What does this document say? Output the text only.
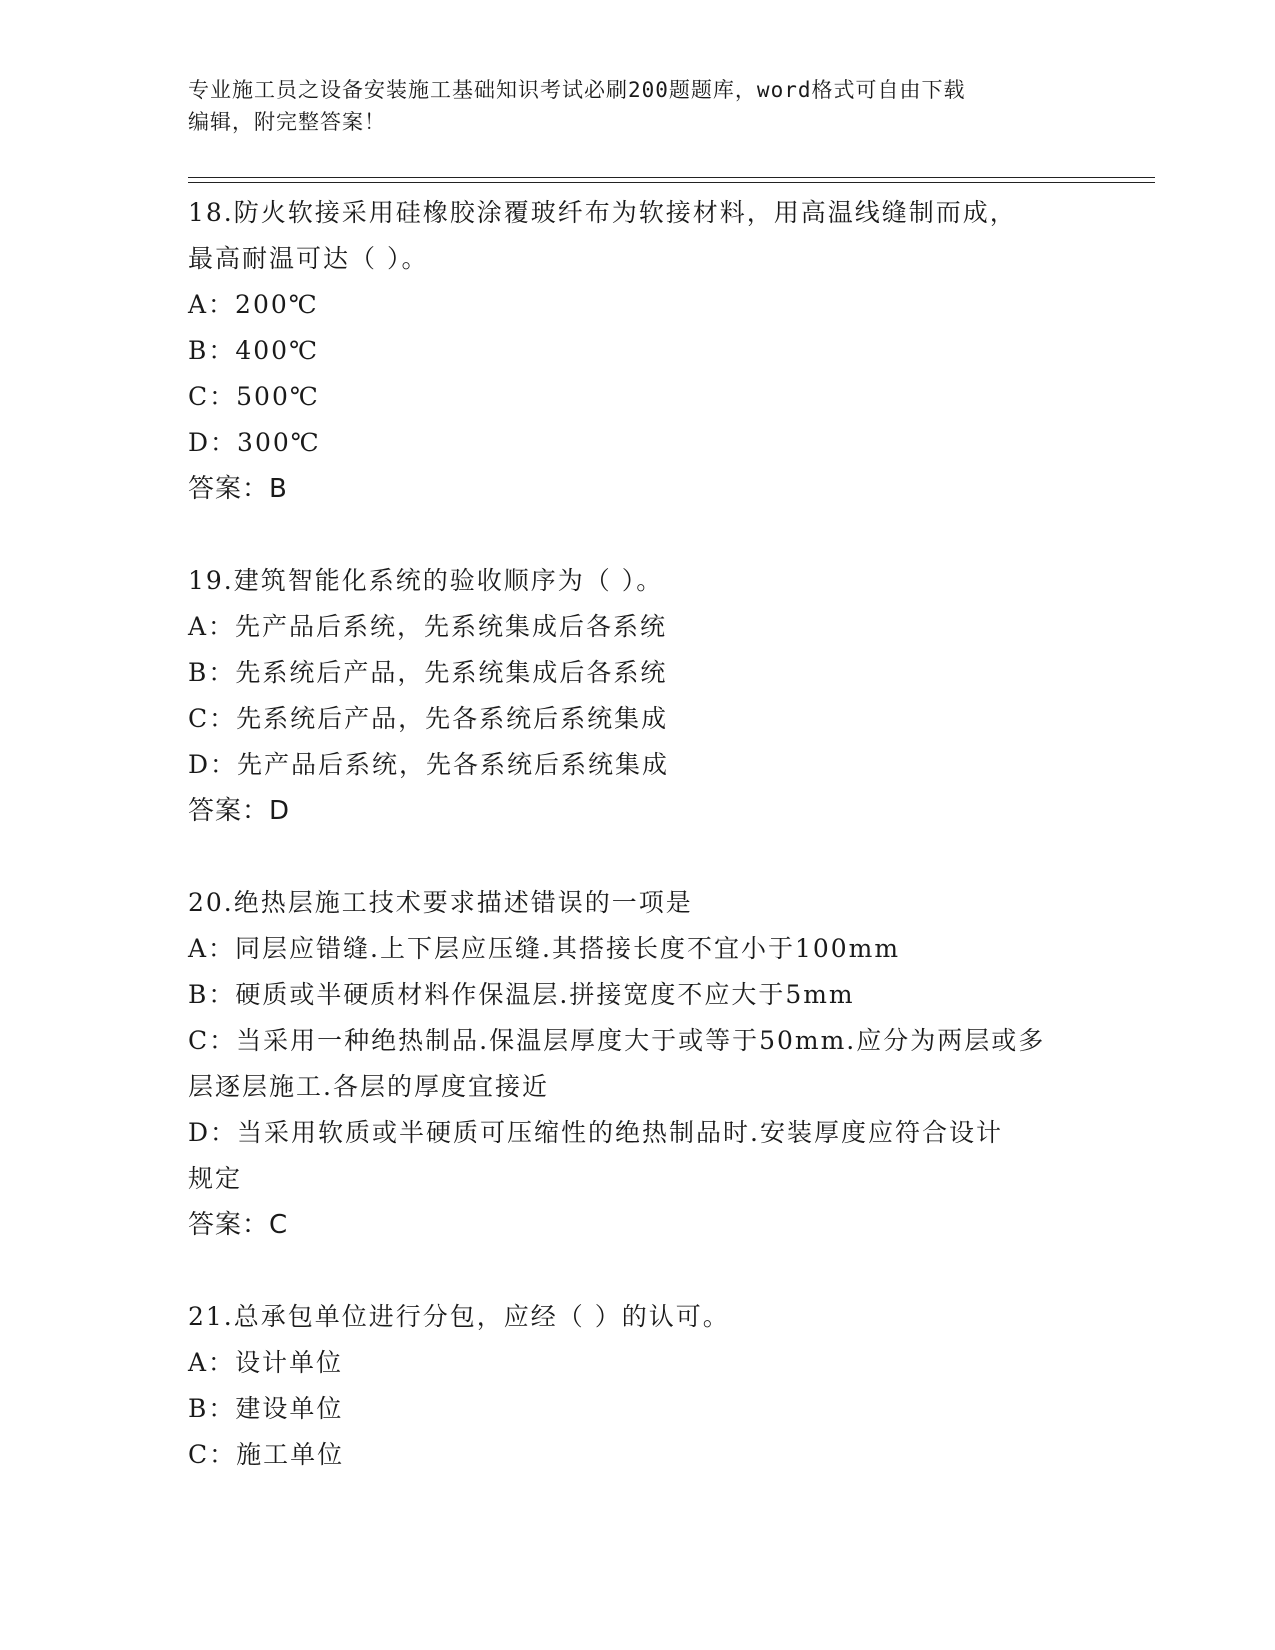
专业施工员之设备安装施工基础知识考试必刷200题题库，word格式可自由下载
编辑，附完整答案！
18.防火软接采用硅橡胶涂覆玻纤布为软接材料，用高温线缝制而成，
最高耐温可达（ ）。
A：200℃
B：400℃
C：500℃
D：300℃
答案：B
19.建筑智能化系统的验收顺序为（ ）。
A：先产品后系统，先系统集成后各系统
B：先系统后产品，先系统集成后各系统
C：先系统后产品，先各系统后系统集成
D：先产品后系统，先各系统后系统集成
答案：D
20.绝热层施工技术要求描述错误的一项是
A：同层应错缝.上下层应压缝.其搭接长度不宜小于100mm
B：硬质或半硬质材料作保温层.拼接宽度不应大于5mm
C：当采用一种绝热制品.保温层厚度大于或等于50mm.应分为两层或多
层逐层施工.各层的厚度宜接近
D：当采用软质或半硬质可压缩性的绝热制品时.安装厚度应符合设计
规定
答案：C
21.总承包单位进行分包，应经（ ）的认可。
A：设计单位
B：建设单位
C：施工单位
